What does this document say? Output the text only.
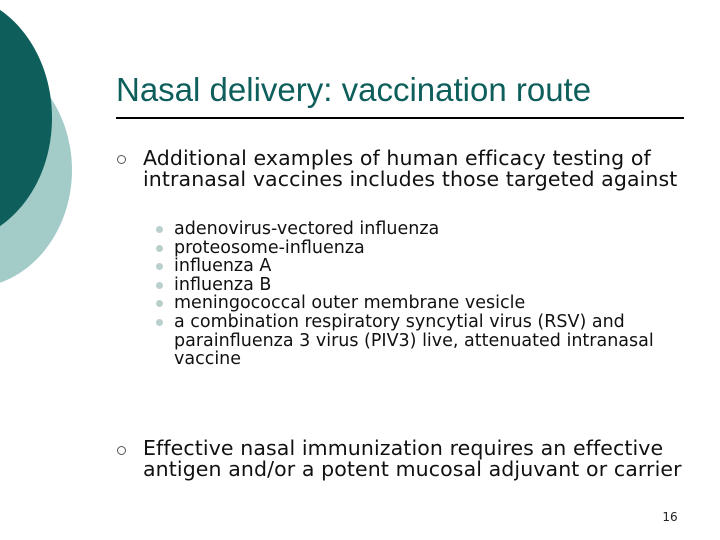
Nasal delivery: vaccination route
Additional examples of human efficacy testing of intranasal vaccines includes those targeted against
adenovirus-vectored influenza
proteosome-influenza
influenza A
influenza B
meningococcal outer membrane vesicle
a combination respiratory syncytial virus (RSV) and parainfluenza 3 virus (PIV3) live, attenuated intranasal vaccine
Effective nasal immunization requires an effective antigen and/or a potent mucosal adjuvant or carrier
16
